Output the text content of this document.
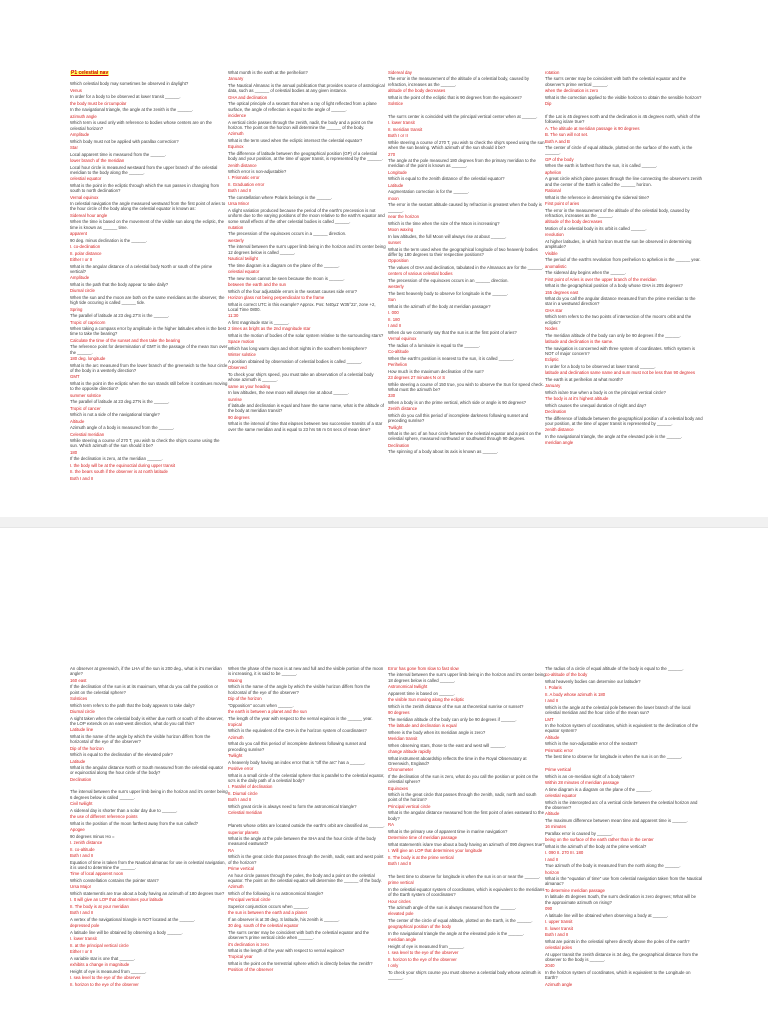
P1 celestial nav

Which celestial body may sometimes be observed in daylight?

Venus

In order for a body to be observed at lower transit ______.

the body must be circumpolar

In the navigational triangle, the angle at the zenith is the ______.

azimuth angle

Which term is used only with reference to bodies whose centers are on the celestial horizon?

Amplitude

Which body must not be applied with parallax correction?

Star

Local apparent time is measured from the ______.

lower branch of the meridian

Local hour circle is measured westward from the upper branch of the celestial meridian to the body along the ______.

celestial equator

What is the point in the ecliptic through which the sun passes in changing from south to north declination?

Vernal equinox

In celestial navigation the angle measured westward from the first point of aries to the hour circle of the body along the celestial equator is known as:

Sidereal hour angle

When the time is based on the movement of the visible sun along the ecliptic, the time is known as ______ time.

apparent

90 deg. minus declination is the ______.

I. co-declination

II. polar distance

Either I or II

What is the angular distance of a celestial body North or south of the prime vertical?

Amplitude

What is the path that the body appear to take daily?

Diurnal circle

When the sun and the moon are both on the same meridians as the observer, the high tide occuring is called ______ tide.

Spring

The parallel of latitude at 23 deg.27'S is the ______.

Tropic of capricorn

When taking a compass error by amplitude in the higher latitudes when is the best time to take the bearing?

Calculate the time of the sunset and then take the bearing

The reference point for determination of GMT is the passage of the mean Sun over the ______.

180 deg. longitude

What is the arc measured from the lower branch of the greenwich to the hour circle of the body in a westerly direction?

GMT

What is the point in the ecliptic when the sun stands still before it continues moving to the opposite direction?

summer solstice

The parallel of latitude at 23 deg.27'N is the ______.

Tropic of cancer

Which is not a side of the navigational triangle?

Altitude

Azimuth angle of a body is measured from the ______.

Celestial meridian

While steering a course of 270 T, you wish to check the ship's course using the sun. Which azimuth of the sun should it be?

180

If the declination is zero, at the meridian ______.

I. the body will be at the equinoctial during upper transit

II. the bears south if the observer is at north latitude

Both I and II

What month is the earth at the perihelion?

January

The Nautical Almanac is the annual publication that provides source of astrological data, such as ______ of celestial bodies at any given instance.

GHA and declination

The optical principle of a sextant that when a ray of light reflected from a plane surface, the angle of reflection is equal to the angle of ______.

incidence

A vertical circle passes through the zenith, nadir, the body and a point on the horizon. The point on the horizon will determine the ______ of the body.

Azimuth

What is the term used when the ecliptic intersect the celestial equator?

Equinox

The difference of latitude between the geographical position (GP) of a celestial body and your position, at the time of upper transit, is represented by the ______.

zenith distance

Which error is non-adjustable?

I. Prismatic error

II. Graduation error

Both I and II

The constellation where Polaris belongs is the ______.

Ursa Minor

A slight variation produced because the period of the earth's precession is not uniform due to the varying positions of the moon relative to the earth's equator and some small effects of the other celestial bodies is called ______.

nutation

The precession of the equinoxes occurs in a ______ direction.

westerly

The interval between the sun's upper limb being in the horizon and it's center being 12 degrees below is called ______.

Nautical twilight

The time diagram is a diagram on the plane of the ______.

celestial equator

The new moon cannot be seen because the moon is ______.

between the earth and the sun

Which of the four adjustable errors in the sextant causes side error?

Horizon glass not being perpendicular to the frame

What is correct UTC in this example? Approx. Pos: N40µ1' W35°22', zone +2, Local Time 0800.

11:30

A first magnitude star is ______.

2 times as bright as the 2nd magnitude star

What is the motion of bodies of the solar system relative to the surrounding stars?

Space motion

Which has long warm days and short nights in the southern hemisphere?

Winter solstice

A position obtained by observation of celestial bodies is called ______.

Observed

To check your ship's speed, you must take an observation of a celestial body whose azimuth is ______.

same as your heading

In low altitudes, the new moon will always rise at about ______.

sunrise

If latitude and declination is equal and have the same name, what is the altitude of the body at meridian transit?

90 degrees

What is the interval of time that elapses between two successive transits of a star over the same meridian and is equal to 23 hrs 56 m 04 secs of mean time?

Sidereal day

The error in the measurement of the altitude of a celestial body, caused by refraction, increases as the ______.

altitude of the body decreases

What is the point of the ecliptic that is 90 degrees from the equinoxes?

Solstice

The sun's center is coincided with the principal vertical center when at ______.

I. lower transit

II. meridian transit

Both I or II

While steering a course of 270 T, you wish to check the ship's speed using the sun when the sun bearing. Which azimuth of the sun should it be?

270

The angle at the pole measured 180 degrees from the primary meridian to the meridian of the point is known as ______.

Longitude

Which is equal to the zenith distance of the celestial equator?

Latitude

Augmentation correction is for the ______.

moon

The error in the sextant altitude caused by refraction is greatest when the body is ______.

near the horizon

Which is the time when the size of the Moon is increasing?

Moon waxing

In low altitudes, the full Moon will always rise at about ______.

sunset

What is the term used when the geographical longitude of two heavenly bodies differ by 180 degrees to their respective positions?

Opposition

The values of GHA and declination, tabulated in the Almanacs are for the ______.

centers of various celestial bodies

The precession of the equinoxes occurs in an ______ direction.

westerly

The best heavenly body to observe for longitude is the ______.

Sun

What is the azimuth of the body at meridian passage?

I. 000

II. 180

I and II

When do we commonly say that the sun is at the first point of aries?

Vernal equinox

The radius of a luminaire is equal to the ______.

Co-altitude

When the earth's position is nearest to the sun, it is called ______.

Perihelion

How much is the maximum declination of the sun?

23 degrees 27 minutes N or S

While steering a course of 150 true, you wish to observe the Sun for speed check. What must the azimuth be?

330

When a body is on the prime vertical, which side or angle is 90 degrees?

Zenith distance

Which do you call this period of incomplete darkness following sunset and preceding sunrise?

Twilight

What is the arc of an hour circle between the celestial equator and a point on the celestial sphere, measured northward or southward through 90 degrees.

Declination

The spinning of a body about its axis is known as ______.

rotation

The sun's center may be coincident with both the celestial equator and the observer's prime vertical ______.

when the declination is zero

What is the correction applied to the visible horizon to obtain the sensible horizon?

Dip

If the Lat is 45 degrees north and the declination is 45 degrees north, which of the following is/are true?

A. The altitude at meridian passage is 90 degrees

B. The sun will not set.

Both A and B

The center of circle of equal altitude, plotted on the surface of the earth, is the ______.

GP of the body

When the earth is farthest from the sun, it is called ______.

aphelion

A great circle which plane passes through the line connecting the observer's zenith and the center of the Earth is called the ______ horizon.

Rational

What is the reference in determining the sidereal time?

First point of aries

The error in the measurement of the altitude of the celestial body, caused by refraction, increases as the ______.

altitude of the body decreases

Motion of a celestial body in its orbit is called ______.

revolution

At higher latitudes, in which horizon must the sun be observed in determining amplitude?

Visible

The period of the earth's revolution from perihelion to aphelion is the ______ year.

anomalistic

The sidereal day begins when the ______.

First point of Aries is over the upper branch of the meridian

What is the geographical position of a body whose GHA is 205 degrees?

155 degrees east

What do you call the angular distance measured from the prime meridian to the star in a westward direction?

GHA star

Which term refers to the two points of intersection of the moon's orbit and the ecliptic?

Nodes

The meridian altitude of the body can only be 90 degrees if the ______.

latitude and declination is the same.

The navigation is concerned with three system of coordinates. Which system is NOT of major concern?

Ecliptic

In order for a body to be observed at lower transit ______.

latitude and declination same name and sum must not be less than 90 degrees

The earth is at perihelion at what month?

January

Which is/are true when a body is on the principal vertical circle?

The body is at it's highest altitude

Which causes the unequal duration of night and day?

Declination

The difference of latitude between the geographical position of a celestial body and your position, at the time of upper transit is represented by ______.

zenith distance

In the navigational triangle, the angle at the elevated pole is the ______.

meridian angle

An observer at greenwich, if the LHA of the sun is 200 deg., what is it's meridian angle?

160 east

If the declination of the sun is at its maximum, What do you call the position or point on the celestial sphere?

Solstices

Which term refers to the path that the body appears to take daily?

Diurnal circle

A sight taken when the celestial body is either due north or south of the observer, the LOP extends on an east-west direction, what do you call this?

Latitude line

What is the name of the angle by which the visible horizon differs from the horizontal of the eye of the observer?

Dip of the horizon

Which is equal to the declination of the elevated pole?

Latitude

What is the angular distance North or South measured from the celestial equator or equinoctial along the hour circle of the body?

Declination

The interval between the sun's upper limb being in the horizon and it's center being 6 degrees below is called ______.

Civil twilight

A sidereal day is shorter than a solar day due to ______.

the use of different reference points

What is the position of the moon farthest away from the sun called?

Apogee

90 degrees minus Ho =

I. zenith distance

II. co-altitude

Both I and II

Equation of time is taken from the Nautical almanac for use in celestial navigation, it is used to determine the ______.

Time of local apparent noon

Which constellation contains the pointer stars?

Ursa Major

Which statement/s are true about a body having an azimuth of 180 degrees true?

I. It will give an LOP that determines your latitude

II. The body is at your meridian

Both I and II

A vertex of the navigational triangle is NOT located at the ______.

depressed pole

A latitude line will be obtained by observing a body ______.

I. lower transit

II. at the principal vertical circle

Either I or II

A variable star is one that ______.

exhibits a change in magnitude

Height of eye is measured from ______.

I. sea level to the eye of the observer

II. horizon to the eye of the observer

When the phase of the moon is at new and full and the visible portion of the moon is increasing, it is said to be ______.

Waxing

Which is the name of the angle by which the visible horizon differs from the horizontal of the eye of the observer?

Dip of the horizon

"Opposition" occurs when ______.

the earth is between a planet and the sun

The length of the year with respect to the vernal equinox is the ______ year.

tropical

Which is the equivalent of the GHA in the horizon system of coordinates?

Azimuth

What do you call this period of incomplete darkness following sunset and preceding sunrise?

Twilight

A heavenly body having an index error that is "off the arc" has a ______.

Positive error

What is a small circle of the celestial sphere that is parallel to the celestial equator, so's is the daily path of a celestial body?

I. Parallel of declination

II. Diurnal circle

Both I and II

Which great circle is always need to form the astronomical triangle?

Celestial meridian

Planets whose orbits are located outside the earth's orbit are classified as ______.

superior planets

What is the angle at the pole between the SHA and the hour circle of the body measured eastward?

RA

Which is the great circle that passes through the zenith, nadir, east and west point of the horizon?

Prime vertical

An hour circle passes through the poles, the body and a point on the celestial equator. The point on the celestial equator will determine the ______ of the body.

Azimuth

Which of the following is no astronomical triangle?

Principal vertical circle

Superior conjunction occurs when ______.

the sun is between the earth and a planet

If an observer is at 30 deg. S latitude, his zenith is ______.

30 deg. south of the celestial equator

The sun's center may be coincident with both the celestial equator and the observer's prime vertical circle when ______.

it's declination is zero

What is the length of the year with respect to vernal equinox?

Tropical year

What is the point on the terrestrial sphere which is directly below the zenith?

Position of the observer

Error has gone from slow to fast slow

The interval between the sun's upper limb being in the horizon and it's center being 18 degrees below is called ______.

Astronomical twilight

Apparent time is based on ______.

the visible Sun moving along the ecliptic

Which is the zenith distance of the sun at theoretical sunrise or sunset?

90 degrees

The meridian altitude of the body can only be 90 degrees if ______.

The latitude and declination is equal

Where is the body when its meridian angle is zero?

Meridian transit

When observing stars, those to the east and west will ______.

change altitude rapidly

What instrument aboardship reflects the time in the Royal Observatory at Greenwich, England?

Chronometer

If the declination of the sun is zero, what do you call the position or point on the celestial sphere?

Equinoxes

Which is the great circle that passes through the zenith, nadir, north and south point of the horizon?

Principal vertical circle

What is the angular distance measured from the first point of aries eastward to the body?

RA

What is the primary use of apparent time in marine navigation?

Determine time of meridian passage

What statement/s is/are true about a body having an azimuth of 090 degrees true?

I. Will give an LOP that determines your longitude

II. The body is at the prime vertical

Both I and II

The best time to observe for longitude is when the sun is on or near the ______.

prime vertical

In the celestial equator system of coordinates, which is equivalent to the meridians of the Earth system of coordinates?

Hour circles

The azimuth angle of the sun is always measured from the ______.

elevated pole

The center of the circle of equal altitude, plotted on the Earth, is the ______.

geographical position of the body

In the navigational triangle the angle at the elevated pole is the ______.

meridian angle

Height of eye is measured from ______.

I. sea level to the eye of the observer

II. horizon to the eye of the observer

I only

To check your ship's course you must observe a celestial body whose azimuth is ______.

The radius of a circle of equal altitude of the body is equal to the ______.

co-altitude of the body

What heavenly bodies can determine our latitude?

I. Polaris

II. A body whose azimuth is 180

I and II

Which is the angle at the celestial pole between the lower branch of the local celestial meridian and the hour circle of the mean sun?

LMT

In the horizon system of coordinates, which is equivalent to the declination of the equator system?

Altitude

Which is the non-adjustable error of the sextant?

Prismatic error

The best time to observe for longitude is when the sun is on the ______.

Prime vertical

Which is an on-meridian sight of a body taken?

Within 28 minutes of meridian passage

A time diagram is a diagram on the plane of the ______.

celestial equator

Which is the intercepted arc of a vertical circle between the celestial horizon and the observer?

Altitude

The maximum difference between mean time and apparent time is ______.

16 minutes

Parallax error is caused by ______.

being on the surface of the earth rather than in the center

What is the azimuth of the body at the prime vertical?

I. 090 II. 270 III. 180

I and II

True azimuth of the body is measured from the north along the ______.

horizon

What is the "equation of time" use from celestial navigation taken from the Nautical almanac?

To determine meridian passage

In latitude 45 degrees South, the sun's declination is zero degrees; What will be the approximate azimuth on rising?

090

A latitude line will be obtained when observing a body at ______.

I. upper transit

II. lower transit

Both I and II

What are points in the celestial sphere directly above the poles of the earth?

celestial poles

At upper transit the zenith distance is 34 deg, the geographical distance from the observer to the body is ______.

2040

In the horizon system of coordinates, which is equivalent to the Longitude on Earth?

Azimuth angle
